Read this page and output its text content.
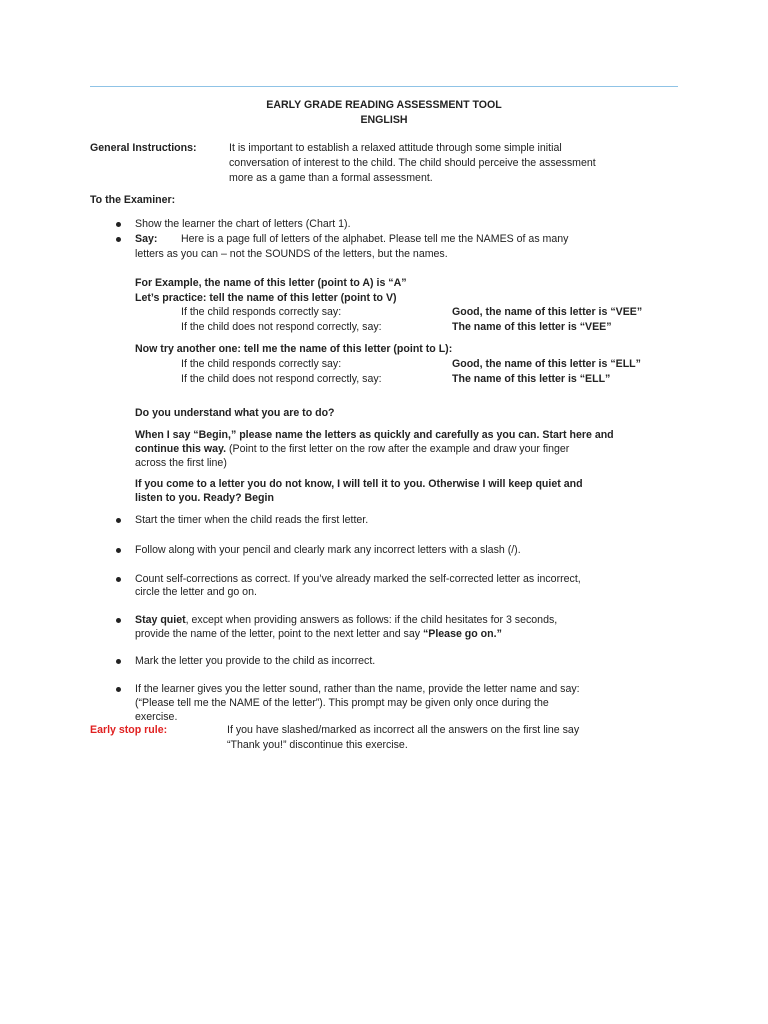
EARLY GRADE READING ASSESSMENT TOOL
ENGLISH
General Instructions:	It is important to establish a relaxed attitude through some simple initial
conversation of interest to the child. The child should perceive the assessment
more as a game than a formal assessment.
To the Examiner:
Show the learner the chart of letters (Chart 1).
Say: Here is a page full of letters of the alphabet. Please tell me the NAMES of as many
letters as you can – not the SOUNDS of the letters, but the names.
For Example, the name of this letter (point to A) is “A”
Let’s practice: tell the name of this letter (point to V)
If the child responds correctly say:	Good, the name of this letter is “VEE”
If the child does not respond correctly, say:	The name of this letter is “VEE”
Now try another one: tell me the name of this letter (point to L):
If the child responds correctly say:	Good, the name of this letter is “ELL”
If the child does not respond correctly, say:	The name of this letter is “ELL”
Do you understand what you are to do?
When I say “Begin,” please name the letters as quickly and carefully as you can. Start here and
continue this way. (Point to the first letter on the row after the example and draw your finger
across the first line)
If you come to a letter you do not know, I will tell it to you. Otherwise I will keep quiet and
listen to you. Ready? Begin
Start the timer when the child reads the first letter.
Follow along with your pencil and clearly mark any incorrect letters with a slash (/).
Count self-corrections as correct. If you’ve already marked the self-corrected letter as incorrect,
circle the letter and go on.
Stay quiet, except when providing answers as follows: if the child hesitates for 3 seconds,
provide the name of the letter, point to the next letter and say “Please go on.”
Mark the letter you provide to the child as incorrect.
If the learner gives you the letter sound, rather than the name, provide the letter name and say:
(“Please tell me the NAME of the letter”). This prompt may be given only once during the
exercise.
Early stop rule:	If you have slashed/marked as incorrect all the answers on the first line say
“Thank you!” discontinue this exercise.
